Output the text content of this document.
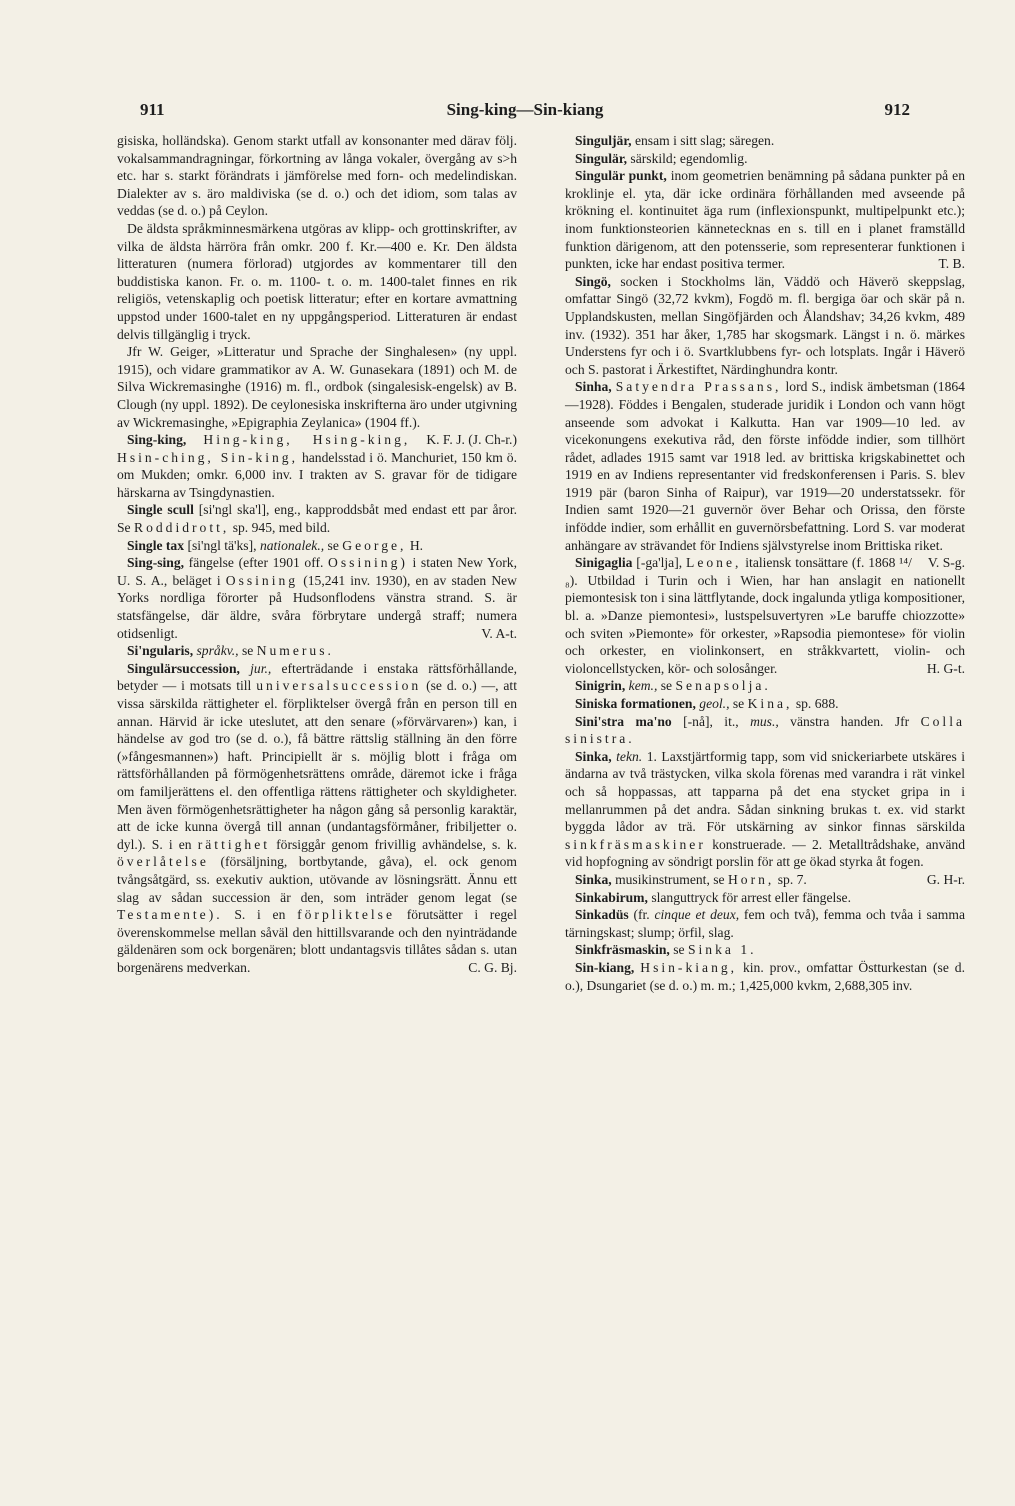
911	Sing-king—Sin-kiang	912

gisiska, holländska). Genom starkt utfall av konsonanter med därav följ. vokalsammandragningar, förkortning av långa vokaler, övergång av s>h etc. har s. starkt förändrats i jämförelse med forn- och medelindiskan. Dialekter av s. äro maldiviska (se d. o.) och det idiom, som talas av veddas (se d. o.) på Ceylon.

De äldsta språkminnesmärkena utgöras av klipp- och grottinskrifter, av vilka de äldsta härröra från omkr. 200 f. Kr.—400 e. Kr. Den äldsta litteraturen (numera förlorad) utgjordes av kommentarer till den buddistiska kanon. Fr. o. m. 1100- t. o. m. 1400-talet finnes en rik religiös, vetenskaplig och poetisk litteratur; efter en kortare avmattning uppstod under 1600-talet en ny uppgångsperiod. Litteraturen är endast delvis tillgänglig i tryck.

Jfr W. Geiger, »Litteratur und Sprache der Singhalesen» (ny uppl. 1915), och vidare grammatikor av A. W. Gunasekara (1891) och M. de Silva Wickremasinghe (1916) m. fl., ordbok (singalesisk-engelsk) av B. Clough (ny uppl. 1892). De ceylonesiska inskrifterna äro under utgivning av Wickremasinghe, »Epigraphia Zeylanica» (1904 ff.).
K. F. J. (J. Ch-r.)

Sing-king, Hing-king, Hsing-king, Hsin-ching, Sin-king, handelsstad i ö. Manchuriet, 150 km ö. om Mukden; omkr. 6,000 inv. I trakten av S. gravar för de tidigare härskarna av Tsingdynastien.

Single scull [si'ngl ska'l], eng., kapproddsbåt med endast ett par åror. Se Roddidrott, sp. 945, med bild.

Single tax [si'ngl tä'ks], nationalek., se George, H.

Sing-sing, fängelse (efter 1901 off. Ossining) i staten New York, U. S. A., beläget i Ossining (15,241 inv. 1930), en av staden New Yorks nordliga förorter på Hudsonflodens vänstra strand. S. är statsfängelse, där äldre, svåra förbrytare undergå straff; numera otidsenligt.	V. A-t.

Si'ngularis, språkv., se Numerus.

Singulärsuccession, jur., efterträdande i enstaka rättsförhållande, betyder — i motsats till universalsuccession (se d. o.) —, att vissa särskilda rättigheter el. förpliktelser övergå från en person till en annan. Härvid är icke uteslutet, att den senare (»förvärvaren») kan, i händelse av god tro (se d. o.), få bättre rättslig ställning än den förre (»fångesmannen») haft. Principiellt är s. möjlig blott i fråga om rättsförhållanden på förmögenhetsrättens område, däremot icke i fråga om familjerättens el. den offentliga rättens rättigheter och skyldigheter. Men även förmögenhetsrättigheter ha någon gång så personlig karaktär, att de icke kunna övergå till annan (undantagsförmåner, fribiljetter o. dyl.). S. i en rättighet försiggår genom frivillig avhändelse, s. k. överlåtelse (försäljning, bortbytande, gåva), el. ock genom tvångsåtgärd, ss. exekutiv auktion, utövande av lösningsrätt. Ännu ett slag av sådan succession är den, som inträder genom legat (se Testamente). S. i en förpliktelse förutsätter i regel överenskommelse mellan såväl den hittillsvarande och den nyinträdande gäldenären som ock borgenären; blott undantagsvis tillåtes sådan s. utan borgenärens medverkan.	C. G. Bj.

Singuljär, ensam i sitt slag; säregen.

Singulär, särskild; egendomlig.

Singulär punkt, inom geometrien benämning på sådana punkter på en kroklinje el. yta, där icke ordinära förhållanden med avseende på krökning el. kontinuitet äga rum (inflexionspunkt, multipelpunkt etc.); inom funktionsteorien kännetecknas en s. till en i planet framställd funktion därigenom, att den potensserie, som representerar funktionen i punkten, icke har endast positiva termer.	T. B.

Singö, socken i Stockholms län, Väddö och Häverö skeppslag, omfattar Singö (32,72 kvkm), Fogdö m. fl. bergiga öar och skär på n. Upplandskusten, mellan Singöfjärden och Ålandshav; 34,26 kvkm, 489 inv. (1932). 351 har åker, 1,785 har skogsmark. Längst i n. ö. märkes Understens fyr och i ö. Svartklubbens fyr- och lotsplats. Ingår i Häverö och S. pastorat i Ärkestiftet, Närdinghundra kontr.

Sinha, Satyendra Prassans, lord S., indisk ämbetsman (1864—1928). Föddes i Bengalen, studerade juridik i London och vann högt anseende som advokat i Kalkutta. Han var 1909—10 led. av vicekonungens exekutiva råd, den förste infödde indier, som tillhört rådet, adlades 1915 samt var 1918 led. av brittiska krigskabinettet och 1919 en av Indiens representanter vid fredskonferensen i Paris. S. blev 1919 pär (baron Sinha of Raipur), var 1919—20 understatssekr. för Indien samt 1920—21 guvernör över Behar och Orissa, den förste infödde indier, som erhållit en guvernörsbefattning. Lord S. var moderat anhängare av strävandet för Indiens självstyrelse inom Brittiska riket.
V. S-g.

Sinigaglia [-ga'lja], Leone, italiensk tonsättare (f. 1868 ¹⁴/₈). Utbildad i Turin och i Wien, har han anslagit en nationellt piemontesisk ton i sina lättflytande, dock ingalunda ytliga kompositioner, bl. a. »Danze piemontesi», lustspelsuvertyren »Le baruffe chiozzotte» och sviten »Piemonte» för orkester, »Rapsodia piemontese» för violin och orkester, en violinkonsert, en stråkkvartett, violin- och violoncellstycken, kör- och solosånger.	H. G-t.

Sinigrin, kem., se Senapsolja.

Siniska formationen, geol., se Kina, sp. 688.

Sini'stra ma'no [-nå], it., mus., vänstra handen. Jfr Colla sinistra.

Sinka, tekn. 1. Laxstjärtformig tapp, som vid snickeriarbete utskäres i ändarna av två trästycken, vilka skola förenas med varandra i rät vinkel och så hoppassas, att tapparna på det ena stycket gripa in i mellanrummen på det andra. Sådan sinkning brukas t. ex. vid starkt byggda lådor av trä. För utskärning av sinkor finnas särskilda sinkfräsmaskiner konstruerade. — 2. Metalltrådshake, använd vid hopfogning av söndrigt porslin för att ge ökad styrka åt fogen.
G. H-r.

Sinka, musikinstrument, se Horn, sp. 7.

Sinkabirum, slanguttryck för arrest eller fängelse.

Sinkadüs (fr. cinque et deux, fem och två), femma och tvåa i samma tärningskast; slump; örfil, slag.

Sinkfräsmaskin, se Sinka 1.

Sin-kiang, Hsin-kiang, kin. prov., omfattar Östturkestan (se d. o.), Dsungariet (se d. o.) m. m.; 1,425,000 kvkm, 2,688,305 inv.
